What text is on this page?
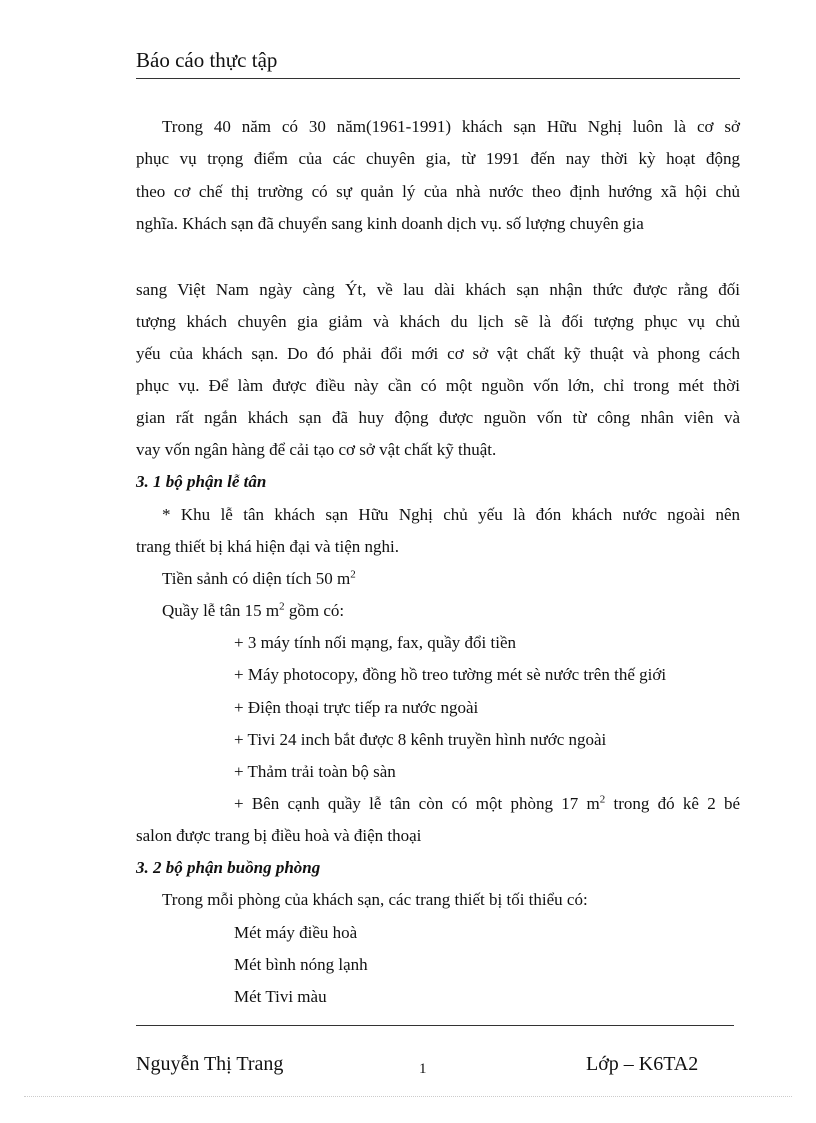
Báo cáo thực tập
Trong 40 năm có 30 năm(1961-1991) khách sạn Hữu Nghị luôn là cơ sở
phục vụ trọng điểm của các chuyên gia, từ 1991 đến nay thời kỳ hoạt động
theo cơ chế thị trường có sự quản lý của nhà nước theo định hướng xã hội chủ
nghĩa. Khách sạn đã chuyển sang kinh doanh dịch vụ. số lượng chuyên gia
sang Việt Nam ngày càng Ýt, về lau dài khách sạn nhận thức được rằng đối
tượng khách chuyên gia giảm và khách du lịch sẽ là đối tượng phục vụ chủ
yếu của khách sạn. Do đó phải đổi mới cơ sở vật chất kỹ thuật và phong cách
phục vụ. Để làm được điều này cần có một nguồn vốn lớn, chỉ trong mét thời
gian rất ngắn khách sạn đã huy động được nguồn vốn từ công nhân viên và
vay vốn ngân hàng để cải tạo cơ sở vật chất kỹ thuật.
3. 1 bộ phận lễ tân
* Khu lễ tân khách sạn Hữu Nghị chủ yếu là đón khách nước ngoài nên
trang thiết bị khá hiện đại và tiện nghi.
Tiền sảnh có diện tích 50 $m^2$
Quầy lễ tân 15 $m^2$ gồm có:
+ 3 máy tính nối mạng, fax, quầy đổi tiền
+ Máy photocopy, đồng hồ treo tường mét sè nước trên thế giới
+ Điện thoại trực tiếp ra nước ngoài
+ Tivi 24 inch bắt được 8 kênh truyền hình nước ngoài
+ Thảm trải toàn bộ sàn
+ Bên cạnh quầy lễ tân còn có một phòng 17 $m^2$ trong đó kê 2 bé
salon được trang bị điều hoà và điện thoại
3. 2 bộ phận buồng phòng
Trong mỗi phòng của khách sạn, các trang thiết bị tối thiểu có:
Mét máy điều hoà
Mét bình nóng lạnh
Mét Tivi màu
Nguyễn Thị Trang	1	Lớp – K6TA2
